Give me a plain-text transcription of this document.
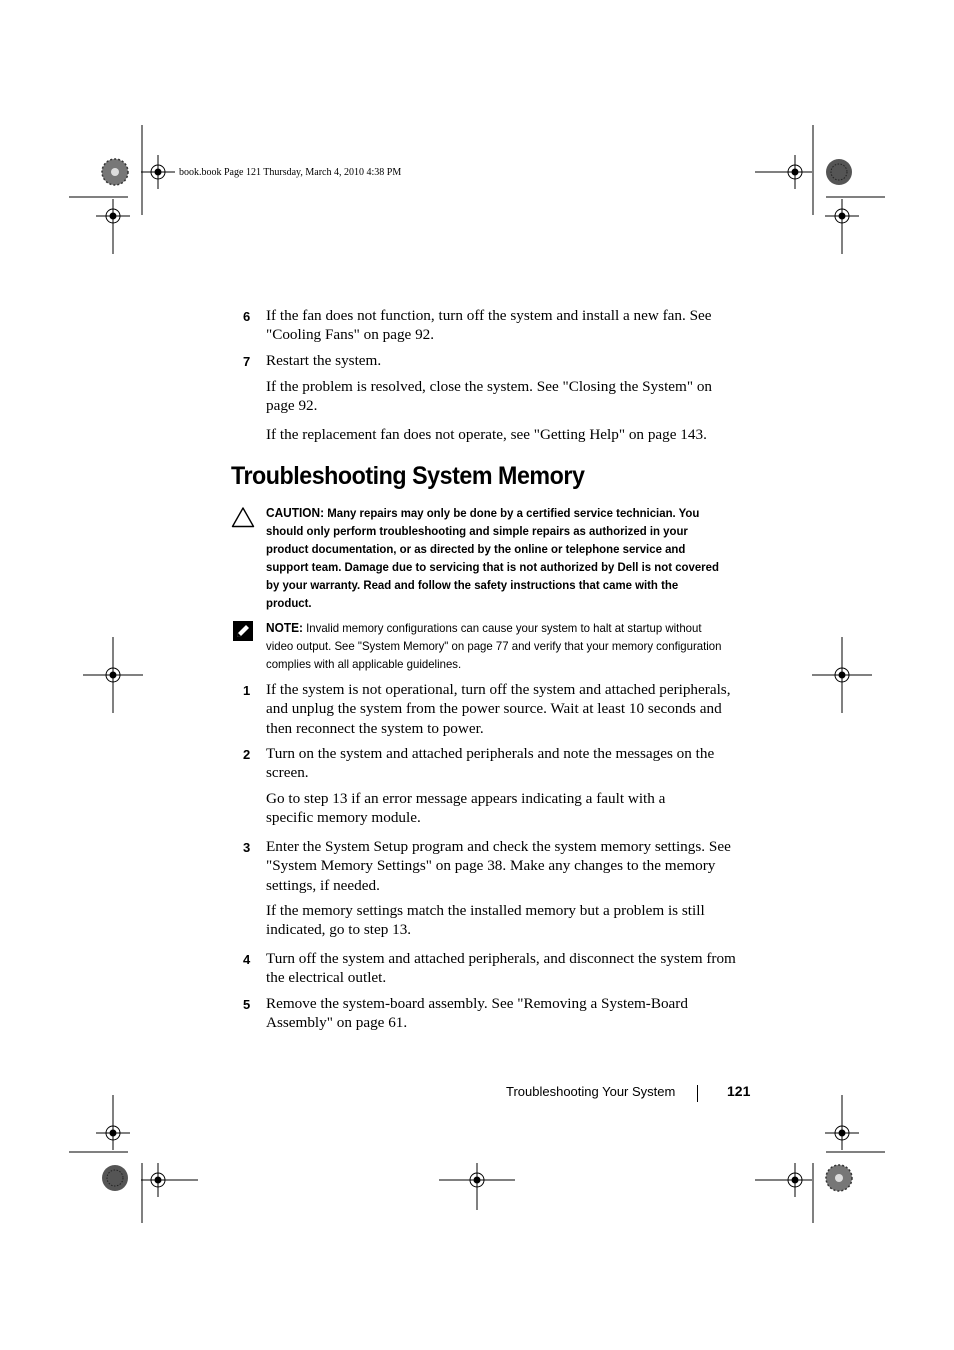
book.book Page 121 Thursday, March 4, 2010 4:38 PM
6 If the fan does not function, turn off the system and install a new fan. See "Cooling Fans" on page 92.
7 Restart the system.
If the problem is resolved, close the system. See "Closing the System" on page 92.
If the replacement fan does not operate, see "Getting Help" on page 143.
Troubleshooting System Memory
CAUTION: Many repairs may only be done by a certified service technician. You should only perform troubleshooting and simple repairs as authorized in your product documentation, or as directed by the online or telephone service and support team. Damage due to servicing that is not authorized by Dell is not covered by your warranty. Read and follow the safety instructions that came with the product.
NOTE: Invalid memory configurations can cause your system to halt at startup without video output. See "System Memory" on page 77 and verify that your memory configuration complies with all applicable guidelines.
1 If the system is not operational, turn off the system and attached peripherals, and unplug the system from the power source. Wait at least 10 seconds and then reconnect the system to power.
2 Turn on the system and attached peripherals and note the messages on the screen.
Go to step 13 if an error message appears indicating a fault with a specific memory module.
3 Enter the System Setup program and check the system memory settings. See "System Memory Settings" on page 38. Make any changes to the memory settings, if needed.
If the memory settings match the installed memory but a problem is still indicated, go to step 13.
4 Turn off the system and attached peripherals, and disconnect the system from the electrical outlet.
5 Remove the system-board assembly. See "Removing a System-Board Assembly" on page 61.
Troubleshooting Your System	121
